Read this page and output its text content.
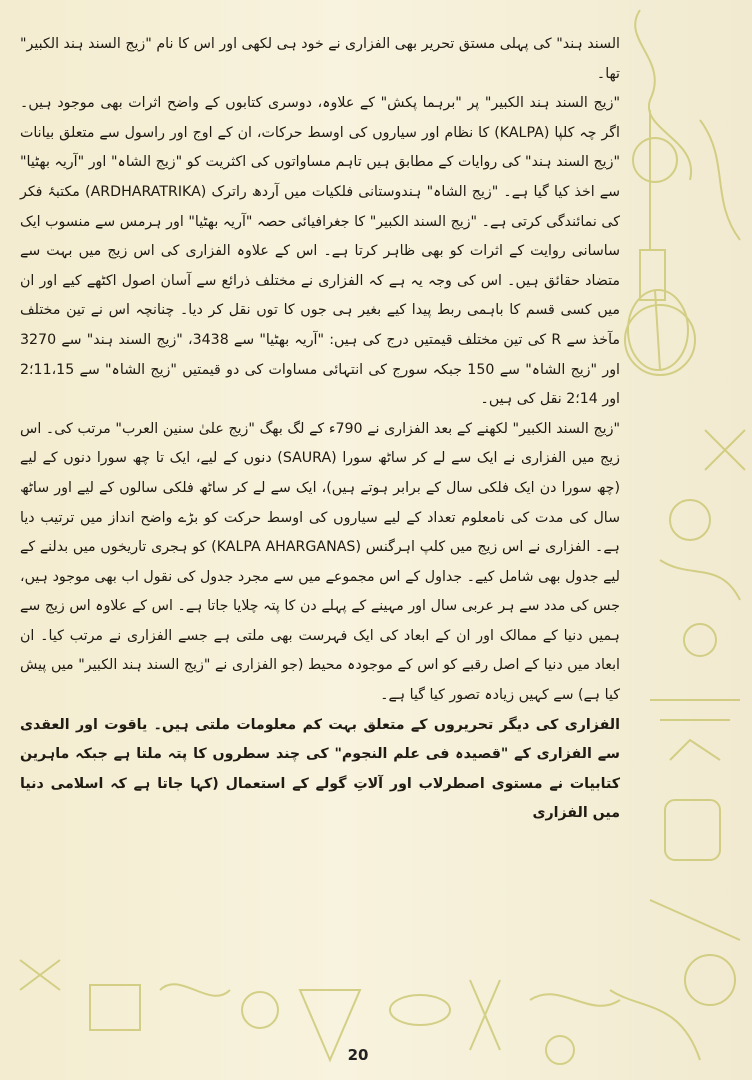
السند ہند" کی پہلی مستق تحریر بھی الفزاری نے خود ہی لکھی اور اس کا نام "زیج السند ہند الکبیر" تھا۔

"زیج السند ہند الکبیر" پر "برہما پکش" کے علاوہ، دوسری کتابوں کے واضح اثرات بھی موجود ہیں۔ اگر چہ کلپا (KALPA) کا نظام اور سیاروں کی اوسط حرکات، ان کے اوج اور راسول سے متعلق بیانات "زیج السند ہند" کی روایات کے مطابق ہیں تاہم مساواتوں کی اکثریت کو "زیج الشاہ" اور "آریہ بھٹیا" سے اخذ کیا گیا ہے۔ "زیج الشاہ" ہندوستانی فلکیات میں آردھ راترک (ARDHARATRIKA) مکتبۂ فکر کی نمائندگی کرتی ہے۔ "زیج السند الکبیر" کا جغرافیائی حصہ "آریہ بھٹیا" اور ہرمس سے منسوب ایک ساسانی روایت کے اثرات کو بھی ظاہر کرتا ہے۔ اس کے علاوہ الفزاری کی اس زیج میں بہت سے متضاد حقائق ہیں۔ اس کی وجہ یہ ہے کہ الفزاری نے مختلف ذرائع سے آسان اصول اکٹھے کیے اور ان میں کسی قسم کا باہمی ربط پیدا کیے بغیر ہی جوں کا توں نقل کر دیا۔ چنانچہ اس نے تین مختلف مآخذ سے R کی تین مختلف قیمتیں درج کی ہیں: "آریہ بھٹیا" سے 3438، "زیج السند ہند" سے 3270 اور "زیج الشاہ" سے 150 جبکہ سورج کی انتہائی مساوات کی دو قیمتیں "زیج الشاہ" سے 11،15؛2 اور 14؛2 نقل کی ہیں۔

"زیج السند الکبیر" لکھنے کے بعد الفزاری نے 790ء کے لگ بھگ "زیج علیٰ سنین العرب" مرتب کی۔ اس زیج میں الفزاری نے ایک سے لے کر ساٹھ سورا (SAURA) دنوں کے لیے، ایک تا چھ سورا دنوں کے لیے (چھ سورا دن ایک فلکی سال کے برابر ہوتے ہیں)، ایک سے لے کر ساٹھ فلکی سالوں کے لیے اور ساٹھ سال کی مدت کی نامعلوم تعداد کے لیے سیاروں کی اوسط حرکت کو بڑے واضح انداز میں ترتیب دیا ہے۔ الفزاری نے اس زیج میں کلپ اہرگنس (KALPA AHARGANAS) کو ہجری تاریخوں میں بدلنے کے لیے جدول بھی شامل کیے۔ جداول کے اس مجموعے میں سے مجرد جدول کی نقول اب بھی موجود ہیں، جس کی مدد سے ہر عربی سال اور مہینے کے پہلے دن کا پتہ چلایا جاتا ہے۔ اس کے علاوہ اس زیج سے ہمیں دنیا کے ممالک اور ان کے ابعاد کی ایک فہرست بھی ملتی ہے جسے الفزاری نے مرتب کیا۔ ان ابعاد میں دنیا کے اصل رقبے کو اس کے موجودہ محیط (جو الفزاری نے "زیج السند ہند الکبیر" میں پیش کیا ہے) سے کہیں زیادہ تصور کیا گیا ہے۔

الفزاری کی دیگر تحریروں کے متعلق بہت کم معلومات ملتی ہیں۔ یاقوت اور العقدی سے الفزاری کے "قصیدہ فی علم النجوم" کی چند سطروں کا پتہ ملتا ہے جبکہ ماہرین کتابیات نے مستوی اصطرلاب اور آلاتِ گولے کے استعمال (کہا جاتا ہے کہ اسلامی دنیا میں الفزاری

20
